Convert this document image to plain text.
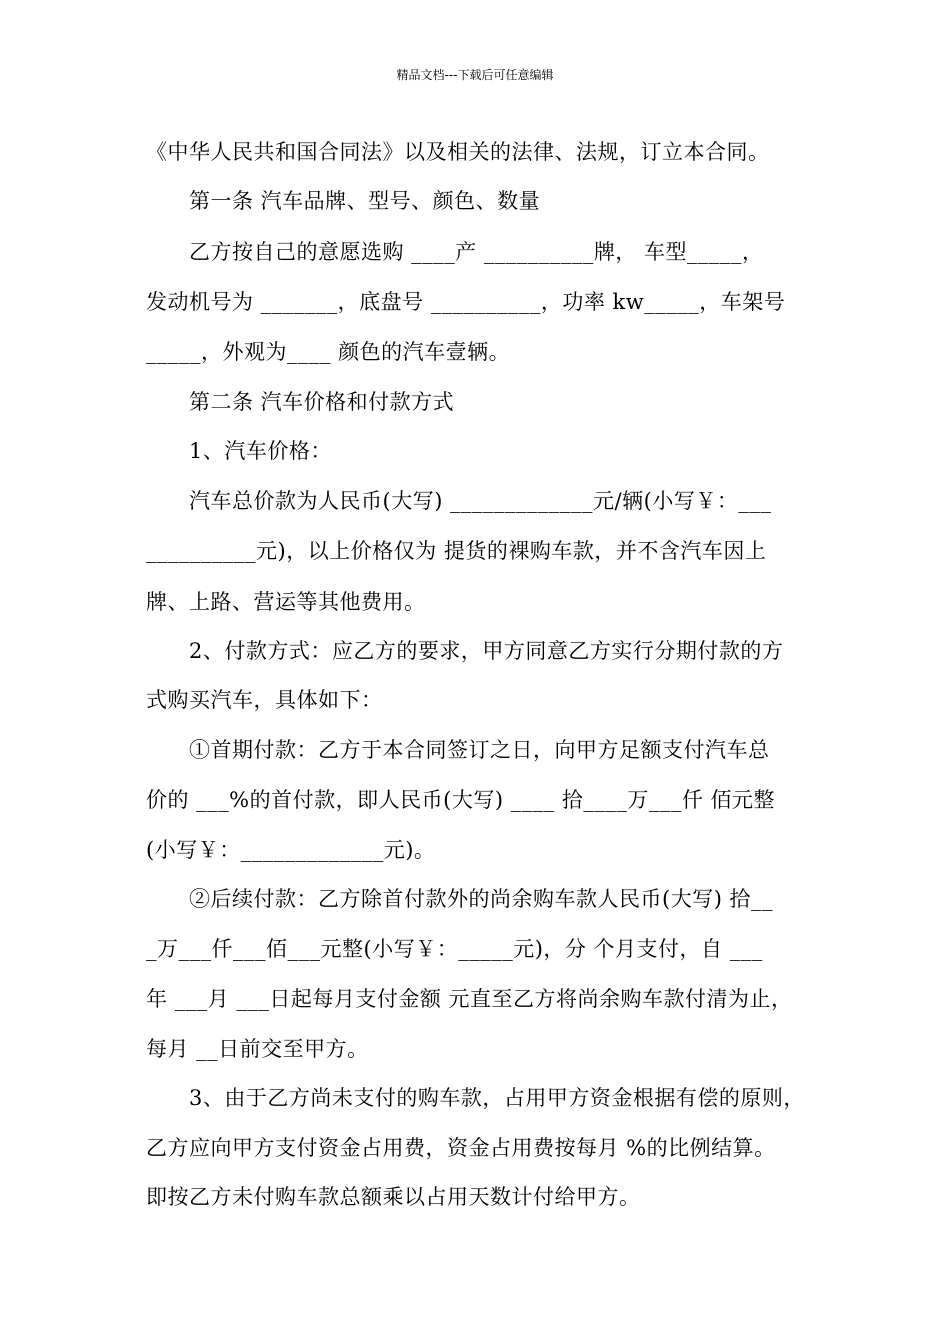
精品文档---下载后可任意编辑
《中华人民共和国合同法》以及相关的法律、法规，订立本合同。
第一条 汽车品牌、型号、颜色、数量
乙方按自己的意愿选购 ____产 __________牌， 车型_____，
发动机号为 _______，底盘号 __________，功率 kw_____，车架号
_____，外观为____ 颜色的汽车壹辆。
第二条 汽车价格和付款方式
1、汽车价格：
汽车总价款为人民币(大写) _____________元/辆(小写￥：___
__________元)，以上价格仅为 提货的裸购车款，并不含汽车因上
牌、上路、营运等其他费用。
2、付款方式：应乙方的要求，甲方同意乙方实行分期付款的方
式购买汽车，具体如下：
①首期付款：乙方于本合同签订之日，向甲方足额支付汽车总
价的 ___%的首付款，即人民币(大写) ____ 拾____万___仟 佰元整
(小写￥：_____________元)。
②后续付款：乙方除首付款外的尚余购车款人民币(大写) 拾__
_万___仟___佰___元整(小写￥：_____元)，分 个月支付，自 ___
年 ___月 ___日起每月支付金额 元直至乙方将尚余购车款付清为止，
每月 __日前交至甲方。
3、由于乙方尚未支付的购车款，占用甲方资金根据有偿的原则，
乙方应向甲方支付资金占用费，资金占用费按每月 %的比例结算。
即按乙方未付购车款总额乘以占用天数计付给甲方。
